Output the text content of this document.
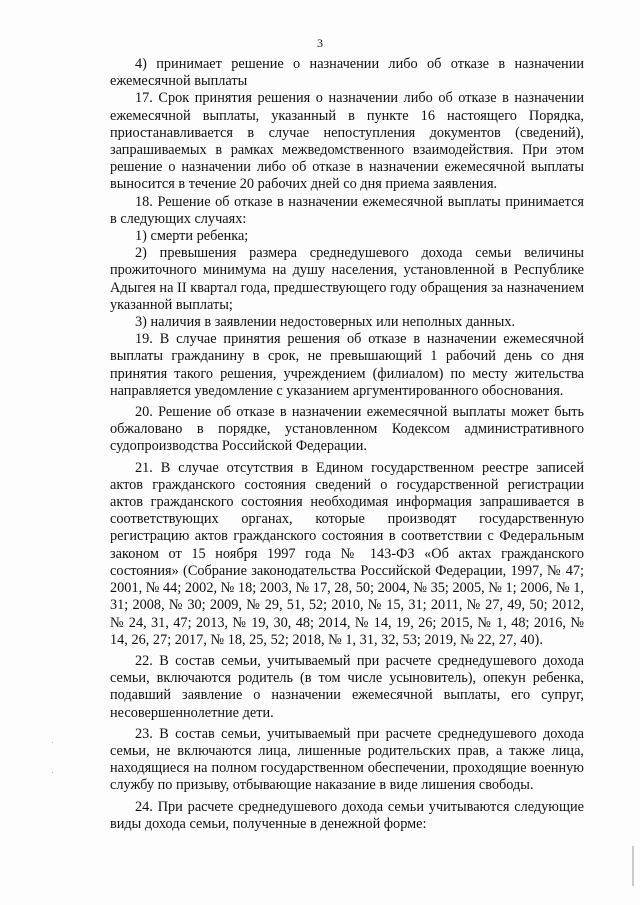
3

4) принимает решение о назначении либо об отказе в назначении ежемесячной выплаты

17. Срок принятия решения о назначении либо об отказе в назначении ежемесячной выплаты, указанный в пункте 16 настоящего Порядка, приостанавливается в случае непоступления документов (сведений), запрашиваемых в рамках межведомственного взаимодействия. При этом решение о назначении либо об отказе в назначении ежемесячной выплаты выносится в течение 20 рабочих дней со дня приема заявления.

18. Решение об отказе в назначении ежемесячной выплаты принимается в следующих случаях:

1) смерти ребенка;

2) превышения размера среднедушевого дохода семьи величины прожиточного минимума на душу населения, установленной в Республике Адыгея на II квартал года, предшествующего году обращения за назначением указанной выплаты;

3) наличия в заявлении недостоверных или неполных данных.

19. В случае принятия решения об отказе в назначении ежемесячной выплаты гражданину в срок, не превышающий 1 рабочий день со дня принятия такого решения, учреждением (филиалом) по месту жительства направляется уведомление с указанием аргументированного обоснования.

20. Решение об отказе в назначении ежемесячной выплаты может быть обжаловано в порядке, установленном Кодексом административного судопроизводства Российской Федерации.

21. В случае отсутствия в Едином государственном реестре записей актов гражданского состояния сведений о государственной регистрации актов гражданского состояния необходимая информация запрашивается в соответствующих органах, которые производят государственную регистрацию актов гражданского состояния в соответствии с Федеральным законом от 15 ноября 1997 года № 143-ФЗ «Об актах гражданского состояния» (Собрание законодательства Российской Федерации, 1997, № 47; 2001, № 44; 2002, № 18; 2003, № 17, 28, 50; 2004, № 35; 2005, № 1; 2006, № 1, 31; 2008, № 30; 2009, № 29, 51, 52; 2010, № 15, 31; 2011, № 27, 49, 50; 2012, № 24, 31, 47; 2013, № 19, 30, 48; 2014, № 14, 19, 26; 2015, № 1, 48; 2016, № 14, 26, 27; 2017, № 18, 25, 52; 2018, № 1, 31, 32, 53; 2019, № 22, 27, 40).

22. В состав семьи, учитываемый при расчете среднедушевого дохода семьи, включаются родитель (в том числе усыновитель), опекун ребенка, подавший заявление о назначении ежемесячной выплаты, его супруг, несовершеннолетние дети.

23. В состав семьи, учитываемый при расчете среднедушевого дохода семьи, не включаются лица, лишенные родительских прав, а также лица, находящиеся на полном государственном обеспечении, проходящие военную службу по призыву, отбывающие наказание в виде лишения свободы.

24. При расчете среднедушевого дохода семьи учитываются следующие виды дохода семьи, полученные в денежной форме:
